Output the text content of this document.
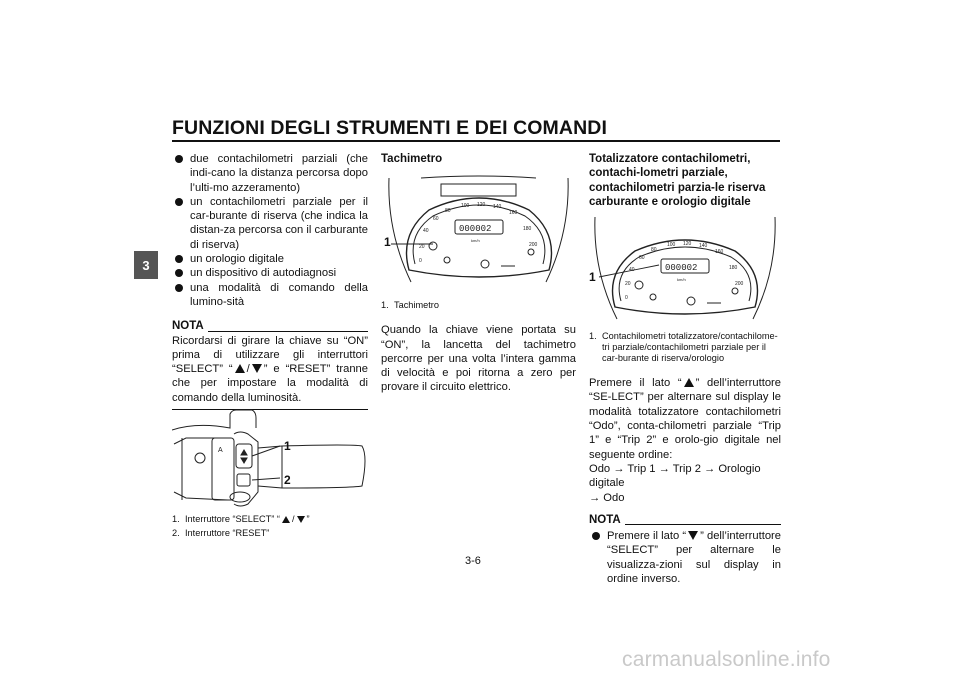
FUNZIONI DEGLI STRUMENTI E DEI COMANDI
3
due contachilometri parziali (che indi-cano la distanza percorsa dopo l’ulti-mo azzeramento)
un contachilometri parziale per il car-burante di riserva (che indica la distan-za percorsa con il carburante di riserva)
un orologio digitale
un dispositivo di autodiagnosi
una modalità di comando della lumino-sità
NOTA
Ricordarsi di girare la chiave su “ON” prima di utilizzare gli interruttori “SELECT” “ / ” e “RESET” tranne che per impostare la modalità di comando della luminosità.
A	1
2
1. Interruttore “SELECT” “ / ”
2. Interruttore “RESET”
Tachimetro
000002
km/h
0
20
40
60
80
100 120 140
160
180
200
1
1. Tachimetro
Quando la chiave viene portata su “ON”, la lancetta del tachimetro percorre per una volta l’intera gamma di velocità e poi ritorna a zero per provare il circuito elettrico.
Totalizzatore contachilometri, contachi-lometri parziale, contachilometri parzia-le riserva carburante e orologio digitale
000002
km/h
0
20
40
60
80
100 120 140
160
180
200
1
1. Contachilometri totalizzatore/contachilome-tri parziale/contachilometri parziale per il car-burante di riserva/orologio
Premere il lato “ ” dell’interruttore “SE-LECT” per alternare sul display le modalità totalizzatore contachilometri “Odo”, conta-chilometri parziale “Trip 1” e “Trip 2” e orolo-gio digitale nel seguente ordine:
Odo → Trip 1 → Trip 2 → Orologio digitale
→ Odo
NOTA
Premere il lato “ ” dell’interruttore “SELECT” per alternare le visualizza-zioni sul display in ordine inverso.
3-6
carmanualsonline.info
